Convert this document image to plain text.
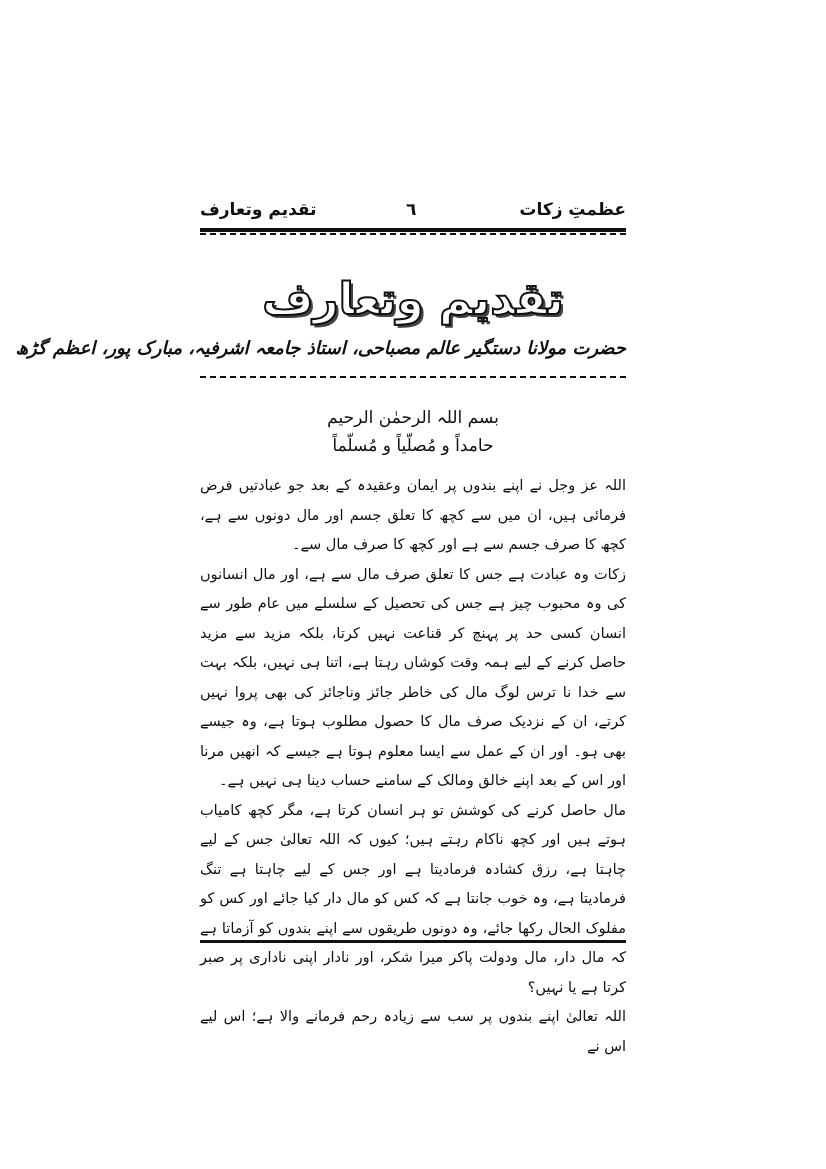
عظمتِ زکات
٦
تقدیم وتعارف
تقدیم وتعارف
حضرت مولانا دستگیر عالم مصباحی، استاذ جامعہ اشرفیہ، مبارک پور، اعظم گڑھ
بسم اللہ الرحمٰن الرحیم
حامداً و مُصلّیاً و مُسلّماً

اللہ عز وجل نے اپنے بندوں پر ایمان وعقیدہ کے بعد جو عبادتیں فرض فرمائی ہیں، ان میں سے کچھ کا تعلق جسم اور مال دونوں سے ہے، کچھ کا صرف جسم سے ہے اور کچھ کا صرف مال سے۔

زکات وہ عبادت ہے جس کا تعلق صرف مال سے ہے، اور مال انسانوں کی وہ محبوب چیز ہے جس کی تحصیل کے سلسلے میں عام طور سے انسان کسی حد پر پہنچ کر قناعت نہیں کرتا، بلکہ مزید سے مزید حاصل کرنے کے لیے ہمہ وقت کوشاں رہتا ہے، اتنا ہی نہیں، بلکہ بہت سے خدا نا ترس لوگ مال کی خاطر جائز وناجائز کی بھی پروا نہیں کرتے، ان کے نزدیک صرف مال کا حصول مطلوب ہوتا ہے، وہ جیسے بھی ہو۔ اور ان کے عمل سے ایسا معلوم ہوتا ہے جیسے کہ انھیں مرنا اور اس کے بعد اپنے خالق ومالک کے سامنے حساب دینا ہی نہیں ہے۔

مال حاصل کرنے کی کوشش تو ہر انسان کرتا ہے، مگر کچھ کامیاب ہوتے ہیں اور کچھ ناکام رہتے ہیں؛ کیوں کہ اللہ تعالیٰ جس کے لیے چاہتا ہے، رزق کشادہ فرمادیتا ہے اور جس کے لیے چاہتا ہے تنگ فرمادیتا ہے، وہ خوب جانتا ہے کہ کس کو مال دار کیا جائے اور کس کو مفلوک الحال رکھا جائے، وہ دونوں طریقوں سے اپنے بندوں کو آزماتا ہے کہ مال دار، مال ودولت پاکر میرا شکر، اور نادار اپنی ناداری پر صبر کرتا ہے یا نہیں؟

اللہ تعالیٰ اپنے بندوں پر سب سے زیادہ رحم فرمانے والا ہے؛ اس لیے اس نے
